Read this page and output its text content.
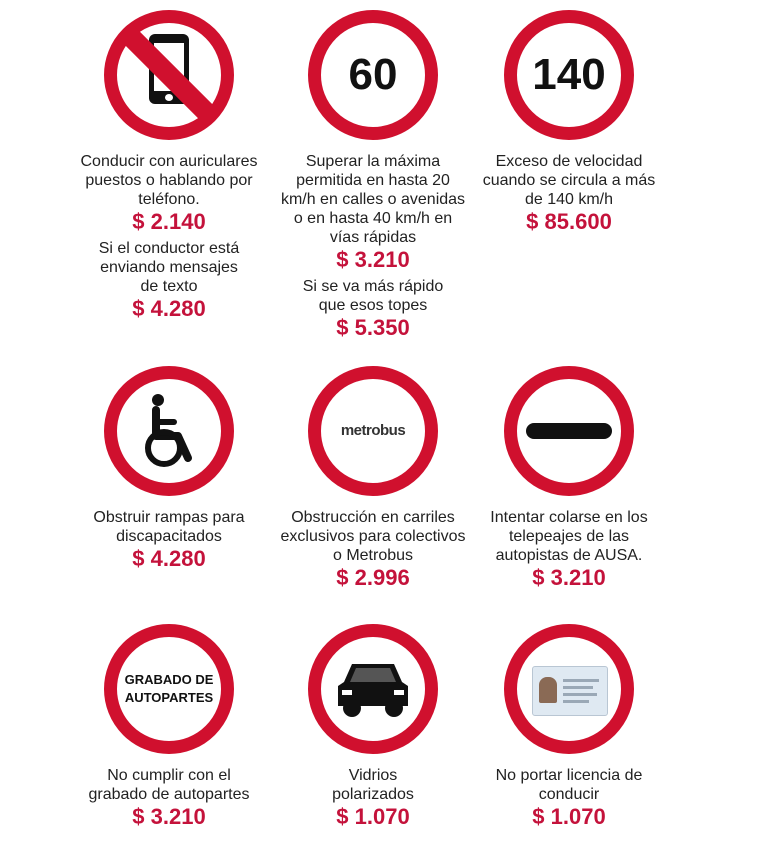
Conducir con auriculares puestos o hablando por teléfono.
$ 2.140
Si el conductor está enviando mensajes de texto
$ 4.280
60
Superar la máxima permitida en hasta 20 km/h en calles o avenidas o en hasta 40 km/h en vías rápidas
$ 3.210
Si se va más rápido que esos topes
$ 5.350
140
Exceso de velocidad cuando se circula a más de 140 km/h
$ 85.600
Obstruir rampas para discapacitados
$ 4.280
metrobus
Obstrucción en carriles exclusivos para colectivos o Metrobus
$ 2.996
Intentar colarse en los telepeajes de las autopistas de AUSA.
$ 3.210
GRABADO DE AUTOPARTES
No cumplir con el grabado de autopartes
$ 3.210
Vidrios polarizados
$ 1.070
No portar licencia de conducir
$ 1.070
